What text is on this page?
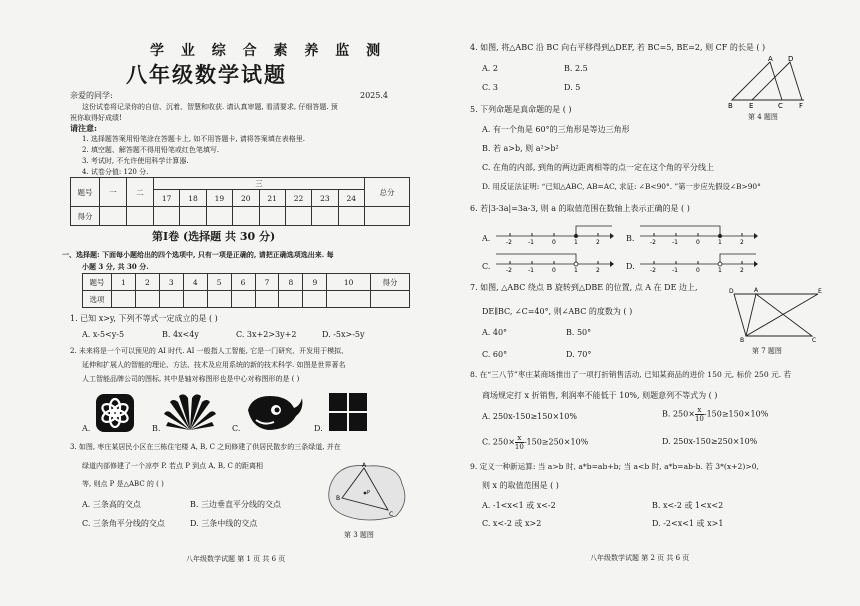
学 业 综 合 素 养 监 测
八年级数学试题
亲爱的同学:	2025.4
这份试卷将记录你的自信、沉着、智慧和收获. 请认真审题, 看清要求, 仔细答题. 预
祝你取得好成绩!
请注意:
1. 选择题答案用铅笔涂在答题卡上, 如不用答题卡, 请将答案填在表格里.
2. 填空题、解答题不得用铅笔或红色笔填写.
3. 考试时, 不允许使用科学计算器.
4. 试卷分值: 120 分.
题号	一	二	三								总分
			17	18	19	20	21	22	23	24	
得分											
第Ⅰ卷 (选择题 共 30 分)
一、选择题: 下面每小题给出的四个选项中, 只有一项是正确的, 请把正确选项选出来. 每
小题 3 分, 共 30 分.
题号	1	2	3	4	5	6	7	8	9	10	得分
选项											
1. 已知 x>y, 下列不等式一定成立的是 ( )
A. x-5<y-5	B. 4x<4y	C. 3x+2>3y+2	D. -5x>-5y
2. 未来将是一个可以预见的 AI 时代. AI 一般指人工智能, 它是一门研究、开发用于模拟、
延伸和扩展人的智能的理论、方法、技术及应用系统的新的技术科学. 如图是世界著名
人工智能品牌公司的图标, 其中是轴对称图形也是中心对称图形的是 ( )
A.	B.	C.	D.
3. 如图, 枣庄某居民小区在三栋住宅楼 A, B, C 之间修建了供居民散步的三条绿道, 并在
绿道内部修建了一个凉亭 P. 若点 P 到点 A, B, C 的距离相
等, 则点 P 是△ABC 的 ( )
A. 三条高的交点	B. 三边垂直平分线的交点
C. 三条角平分线的交点	D. 三条中线的交点
A
B
C
P
第 3 题图
八年级数学试题 第 1 页 共 6 页
4. 如图, 将△ABC 沿 BC 向右平移得到△DEF, 若 BC=5, BE=2, 则 CF 的长是 ( )
A. 2	B. 2.5
C. 3	D. 5
A D
B E	C F
第 4 题图
5. 下列命题是真命题的是 ( )
A. 有一个角是 60°的三角形是等边三角形
B. 若 a>b, 则 a²>b²
C. 在角的内部, 到角的两边距离相等的点一定在这个角的平分线上
D. 用反证法证明: “已知△ABC, AB=AC, 求证: ∠B<90°. ”第一步应先假设∠B>90°
6. 若|3-3a|=3a-3, 则 a 的取值范围在数轴上表示正确的是 ( )
A.	-2	-1	0	1	2	B.	-2	-1	0	1	2
C.	-2	-1	0	1	2	D.	-2	-1	0	1	2
7. 如图, △ABC 绕点 B 旋转到△DBE 的位置, 点 A 在 DE 边上,
DE∥BC, ∠C=40°, 则∠ABC 的度数为 ( )
A. 40°	B. 50°
C. 60°	D. 70°
D	A	E
B	C
第 7 题图
8. 在“三八节”枣庄某商场推出了一项打折销售活动, 已知某商品的进价 150 元, 标价 250 元. 若
商场规定打 x 折销售, 利润率不能低于 10%, 则题意列不等式为 ( )
A. 250x-150≥150×10%	B. $250\times \frac{x}{10} -150\ge 150\times 10\%$
C. $250\times \frac{x}{10} -150\ge 250\times 10\%$	D. 250x-150≥250×10%
9. 定义一种新运算: 当 a>b 时, a*b=ab+b; 当 a<b 时, a*b=ab-b. 若 3*(x+2)>0,
则 x 的取值范围是 ( )
A. -1<x<1 或 x<-2	B. x<-2 或 1<x<2
C. x<-2 或 x>2	D. -2<x<1 或 x>1
八年级数学试题 第 2 页 共 6 页
